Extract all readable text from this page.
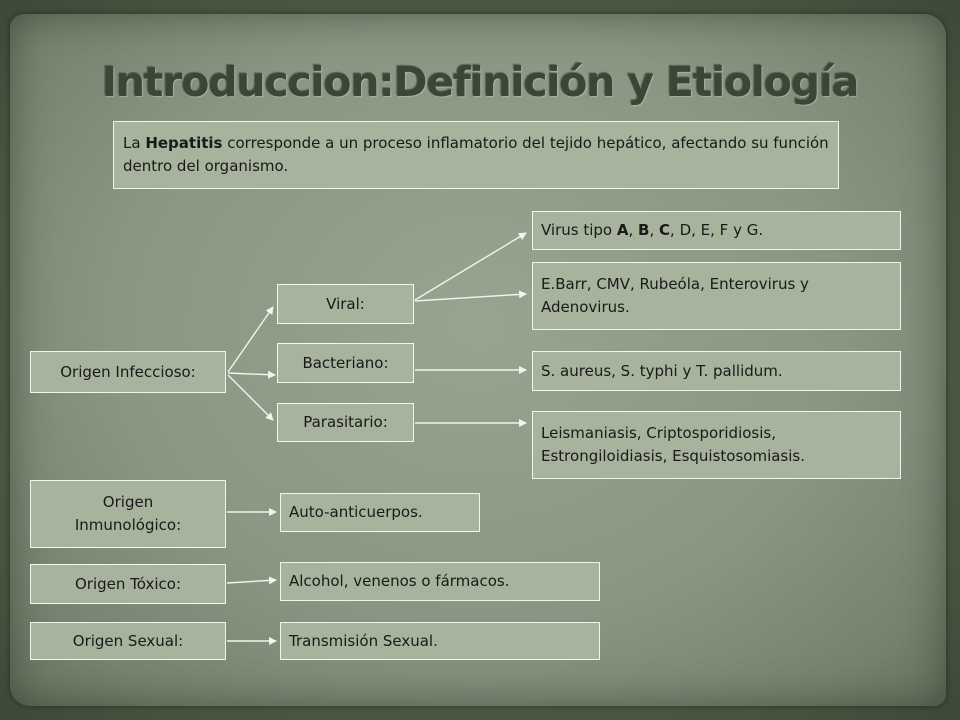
Introduccion:Definición y Etiología
La Hepatitis corresponde a un proceso inflamatorio del tejido hepático, afectando su función dentro del organismo.
Origen Infeccioso:
Origen Inmunológico:
Origen Tóxico:
Origen Sexual:
Viral:
Bacteriano:
Parasitario:
Virus tipo A, B, C, D, E, F y G.
E.Barr, CMV, Rubeóla, Enterovirus y Adenovirus.
S. aureus, S. typhi y T. pallidum.
Leismaniasis, Criptosporidiosis, Estrongiloidiasis, Esquistosomiasis.
Auto-anticuerpos.
Alcohol, venenos o fármacos.
Transmisión Sexual.
